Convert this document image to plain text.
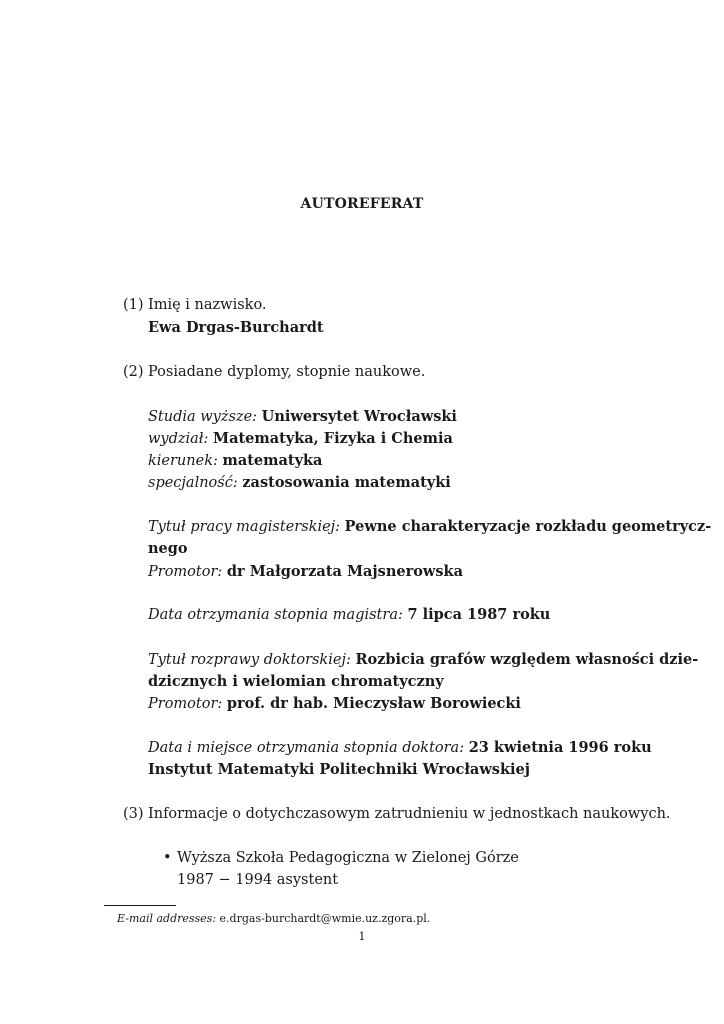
AUTOREFERAT
(1) Imię i nazwisko.
Ewa Drgas-Burchardt
(2) Posiadane dyplomy, stopnie naukowe.
Studia wyższe: Uniwersytet Wrocławski
wydział: Matematyka, Fizyka i Chemia
kierunek: matematyka
specjalność: zastosowania matematyki
Tytuł pracy magisterskiej: Pewne charakteryzacje rozkładu geometrycz-
nego
Promotor: dr Małgorzata Majsnerowska
Data otrzymania stopnia magistra: 7 lipca 1987 roku
Tytuł rozprawy doktorskiej: Rozbicia grafów względem własności dzie-
dzicznych i wielomian chromatyczny
Promotor: prof. dr hab. Mieczysław Borowiecki
Data i miejsce otrzymania stopnia doktora: 23 kwietnia 1996 roku
Instytut Matematyki Politechniki Wrocławskiej
(3) Informacje o dotychczasowym zatrudnieniu w jednostkach naukowych.
• Wyższa Szkoła Pedagogiczna w Zielonej Górze
1987 − 1994 asystent
E-mail addresses: e.drgas-burchardt@wmie.uz.zgora.pl.
1
